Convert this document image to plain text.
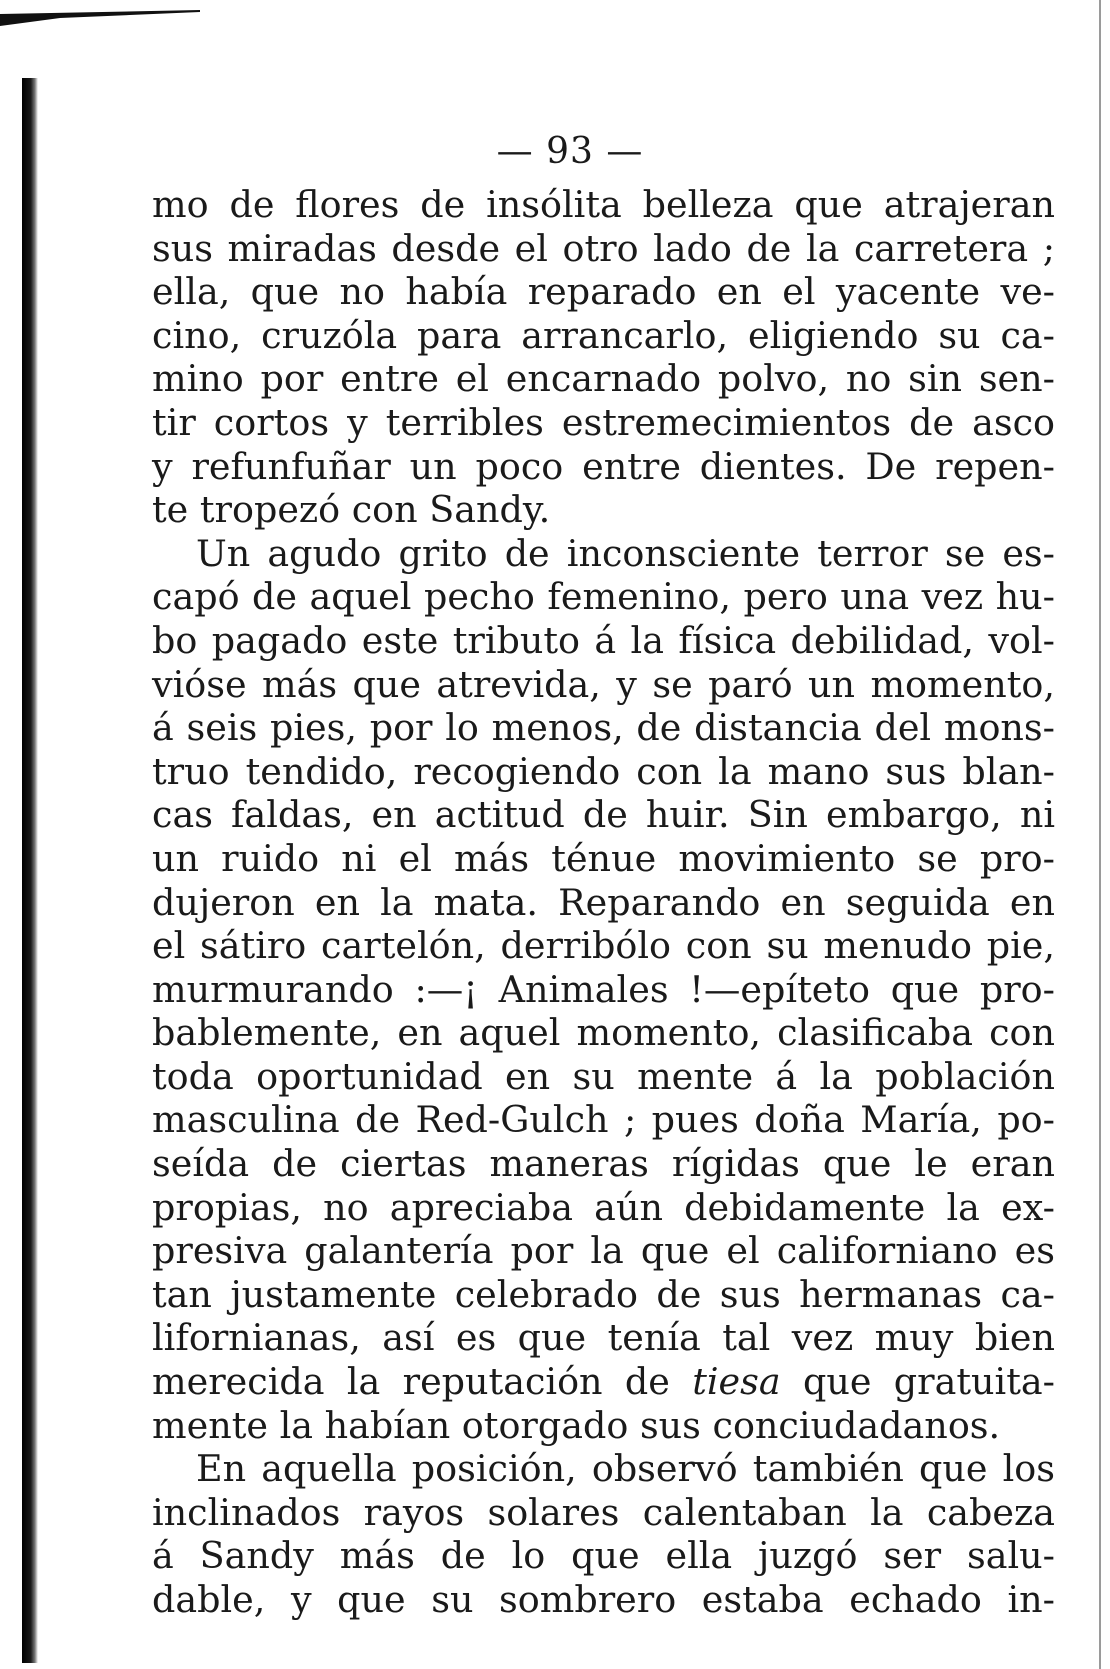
— 93 —
mo de flores de insólita belleza que atrajeran
sus miradas desde el otro lado de la carretera ;
ella, que no había reparado en el yacente ve-
cino, cruzóla para arrancarlo, eligiendo su ca-
mino por entre el encarnado polvo, no sin sen-
tir cortos y terribles estremecimientos de asco
y refunfuñar un poco entre dientes. De repen-
te tropezó con Sandy.
Un agudo grito de inconsciente terror se es-
capó de aquel pecho femenino, pero una vez hu-
bo pagado este tributo á la física debilidad, vol-
vióse más que atrevida, y se paró un momento,
á seis pies, por lo menos, de distancia del mons-
truo tendido, recogiendo con la mano sus blan-
cas faldas, en actitud de huir. Sin embargo, ni
un ruido ni el más ténue movimiento se pro-
dujeron en la mata. Reparando en seguida en
el sátiro cartelón, derribólo con su menudo pie,
murmurando :—¡ Animales !—epíteto que pro-
bablemente, en aquel momento, clasificaba con
toda oportunidad en su mente á la población
masculina de Red-Gulch ; pues doña María, po-
seída de ciertas maneras rígidas que le eran
propias, no apreciaba aún debidamente la ex-
presiva galantería por la que el californiano es
tan justamente celebrado de sus hermanas ca-
lifornianas, así es que tenía tal vez muy bien
merecida la reputación de tiesa que gratuita-
mente la habían otorgado sus conciudadanos.
En aquella posición, observó también que los
inclinados rayos solares calentaban la cabeza
á Sandy más de lo que ella juzgó ser salu-
dable, y que su sombrero estaba echado in-
